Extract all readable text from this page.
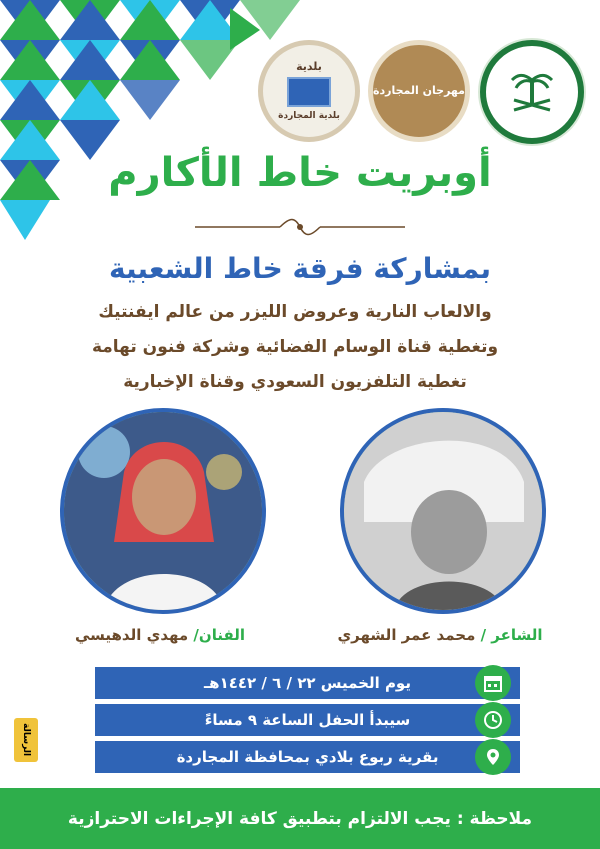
مهرجان المجاردة
بلدية
بلدية المجاردة
أوبريت خاط الأكارم
بمشاركة فرقة خاط الشعبية
والالعاب النارية وعروض الليزر من عالم ايفنتيك
وتغطية قناة الوسام الفضائية وشركة فنون تهامة
تغطية التلفزيون السعودي وقناة الإخبارية
الفنان/ مهدي الدهيسي	الشاعر / محمد عمر الشهري
يوم الخميس ٢٢ / ٦ / ١٤٤٢هـ
سيبدأ الحفل الساعة ٩ مساءً
بقرية ربوع بلادي بمحافظة المجاردة
الرسالة
ملاحظة : يجب الالتزام بتطبيق كافة الإجراءات الاحترازية
